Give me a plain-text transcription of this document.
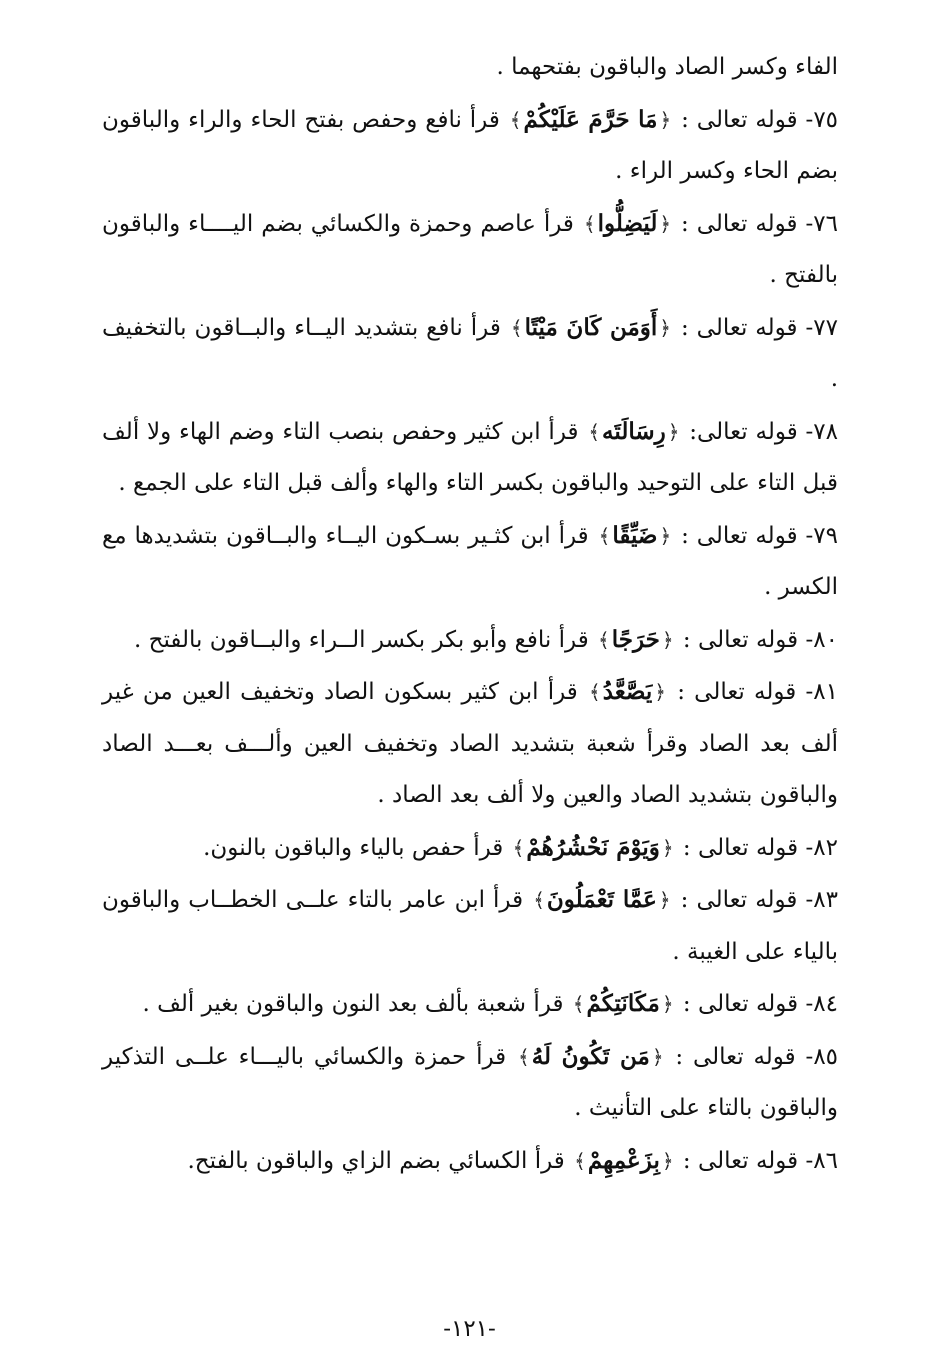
الفاء وكسر الصاد والباقون بفتحهما .

٧٥- قوله تعالى : ﴿مَا حَرَّمَ عَلَيْكُمْ﴾ قرأ نافع وحفص بفتح الحاء والراء والباقون بضم الحاء وكسر الراء .

٧٦- قوله تعالى : ﴿لَيَضِلُّوا﴾ قرأ عاصم وحمزة والكسائي بضم اليــــاء والباقون بالفتح .

٧٧- قوله تعالى : ﴿أَوَمَن كَانَ مَيْتًا﴾ قرأ نافع بتشديد اليــاء والبــاقون بالتخفيف .

٧٨- قوله تعالى: ﴿رِسَالَتَه﴾ قرأ ابن كثير وحفص بنصب التاء وضم الهاء ولا ألف قبل التاء على التوحيد والباقون بكسر التاء والهاء وألف قبل التاء على الجمع .

٧٩- قوله تعالى : ﴿ضَيِّقًا﴾ قرأ ابن كثـير بسـكون اليــاء والبــاقون بتشديدها مع الكسر .

٨٠- قوله تعالى : ﴿حَرَجًا﴾ قرأ نافع وأبو بكر بكسر الــراء والبــاقون بالفتح .

٨١- قوله تعالى : ﴿يَصَّعَّدُ﴾ قرأ ابن كثير بسكون الصاد وتخفيف العين من غير ألف بعد الصاد وقرأ شعبة بتشديد الصاد وتخفيف العين وألـــف بعـــد الصاد والباقون بتشديد الصاد والعين ولا ألف بعد الصاد .

٨٢- قوله تعالى : ﴿وَيَوْمَ نَحْشُرُهُمْ﴾ قرأ حفص بالياء والباقون بالنون.

٨٣- قوله تعالى : ﴿عَمَّا تَعْمَلُونَ﴾ قرأ ابن عامر بالتاء علــى الخطــاب والباقون بالياء على الغيبة .

٨٤- قوله تعالى : ﴿مَكَانَتِكُمْ﴾ قرأ شعبة بألف بعد النون والباقون بغير ألف .

٨٥- قوله تعالى : ﴿مَن تَكُونُ لَهُ﴾ قرأ حمزة والكسائي باليـــاء علــى التذكير والباقون بالتاء على التأنيث .

٨٦- قوله تعالى : ﴿بِزَعْمِهِمْ﴾ قرأ الكسائي بضم الزاي والباقون بالفتح.

-١٢١-
